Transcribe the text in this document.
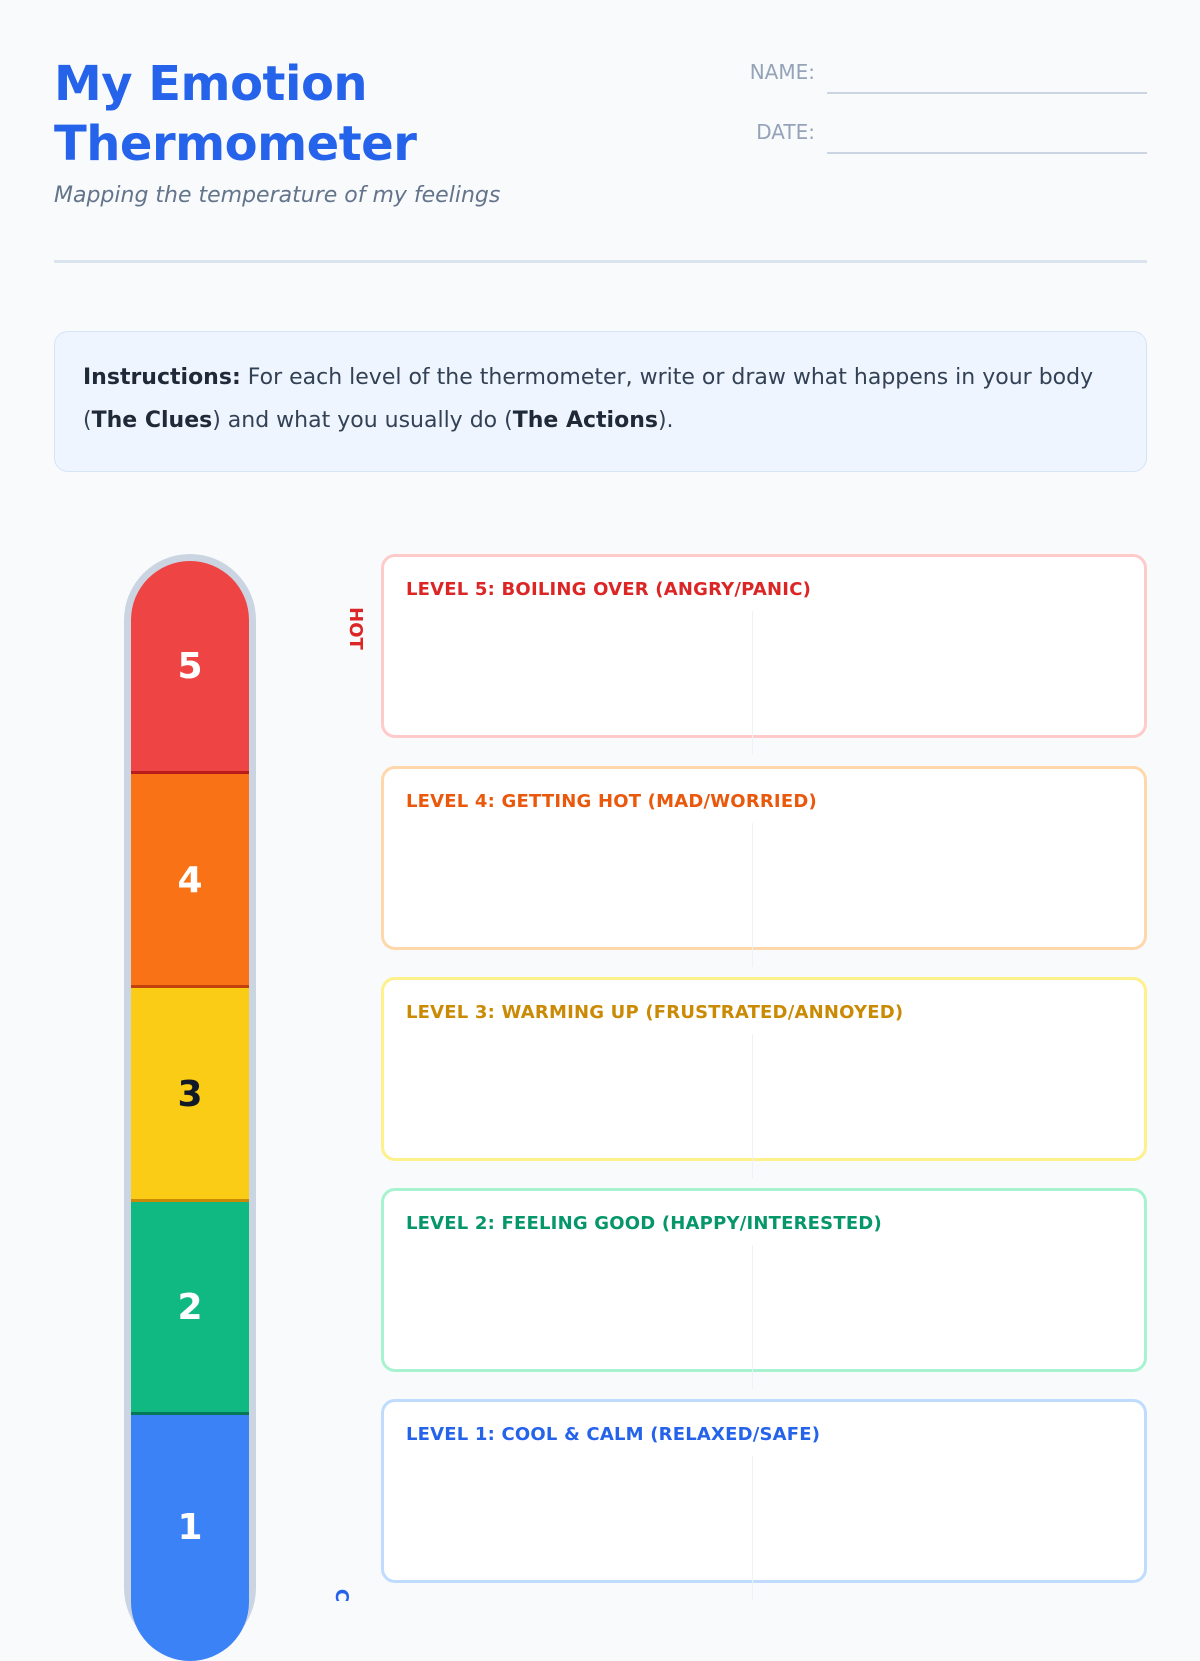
My Emotion
Thermometer
Mapping the temperature of my feelings
NAME:
DATE:
Instructions: For each level of the thermometer, write or draw what happens in your body (The Clues) and what you usually do (The Actions).
5
4
3
2
1
HOT
C
LEVEL 5: BOILING OVER (ANGRY/PANIC)
LEVEL 4: GETTING HOT (MAD/WORRIED)
LEVEL 3: WARMING UP (FRUSTRATED/ANNOYED)
LEVEL 2: FEELING GOOD (HAPPY/INTERESTED)
LEVEL 1: COOL & CALM (RELAXED/SAFE)
